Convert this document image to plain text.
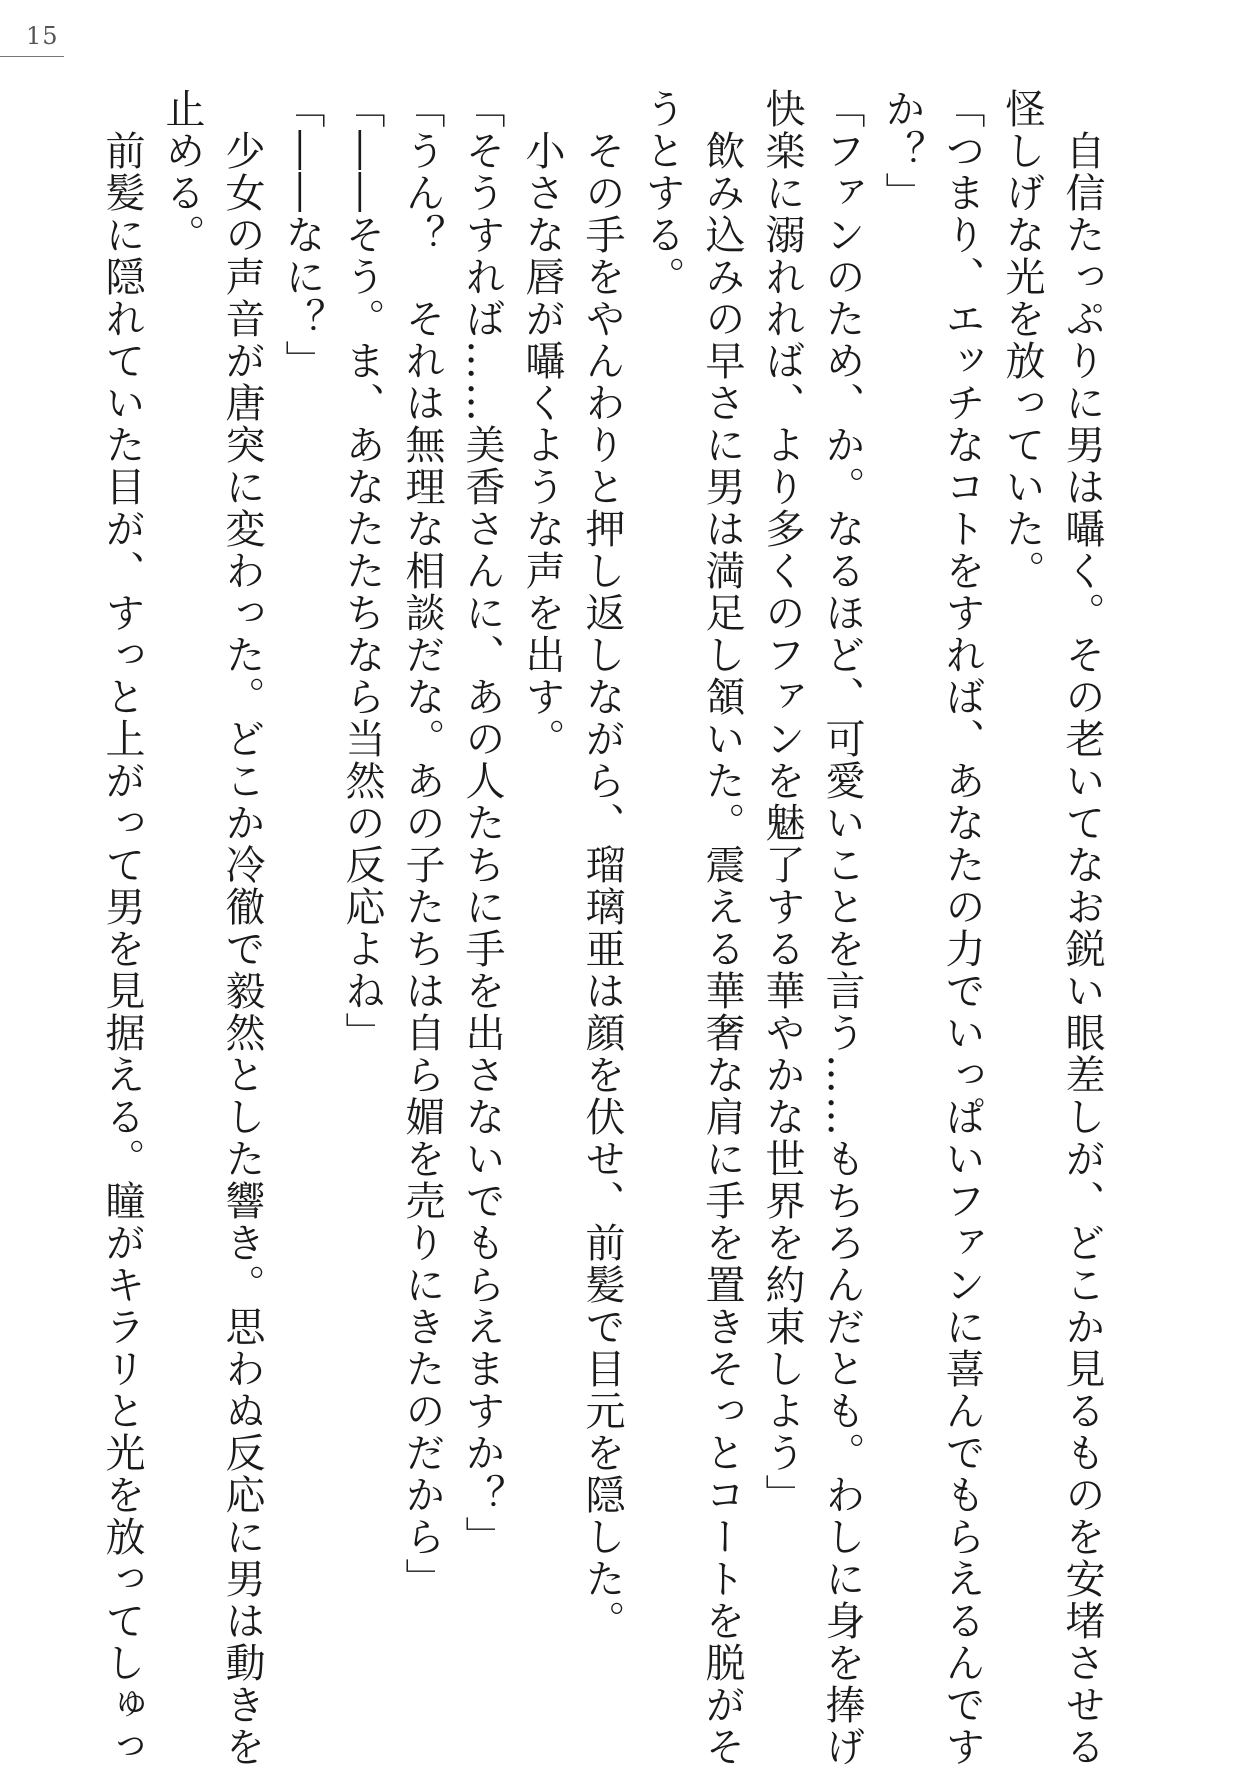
15

　自信たっぷりに男は囁く。その老いてなお鋭い眼差しが、どこか見るものを安堵させる

怪しげな光を放っていた。

「つまり、エッチなコトをすれば、あなたの力でいっぱいファンに喜んでもらえるんです

か？」

「ファンのため、か。なるほど、可愛いことを言う……もちろんだとも。わしに身を捧げ

快楽に溺れれば、より多くのファンを魅了する華やかな世界を約束しよう」

　飲み込みの早さに男は満足し頷いた。震える華奢な肩に手を置きそっとコートを脱がそ

うとする。

　その手をやんわりと押し返しながら、瑠璃亜は顔を伏せ、前髪で目元を隠した。

　小さな唇が囁くような声を出す。

「そうすれば……美香さんに、あの人たちに手を出さないでもらえますか？」

「うん？　それは無理な相談だな。あの子たちは自ら媚を売りにきたのだから」

「――そう。ま、あなたたちなら当然の反応よね」

「――なに？」

　少女の声音が唐突に変わった。どこか冷徹で毅然とした響き。思わぬ反応に男は動きを

止める。

　前髪に隠れていた目が、すっと上がって男を見据える。瞳がキラリと光を放ってしゅっ
